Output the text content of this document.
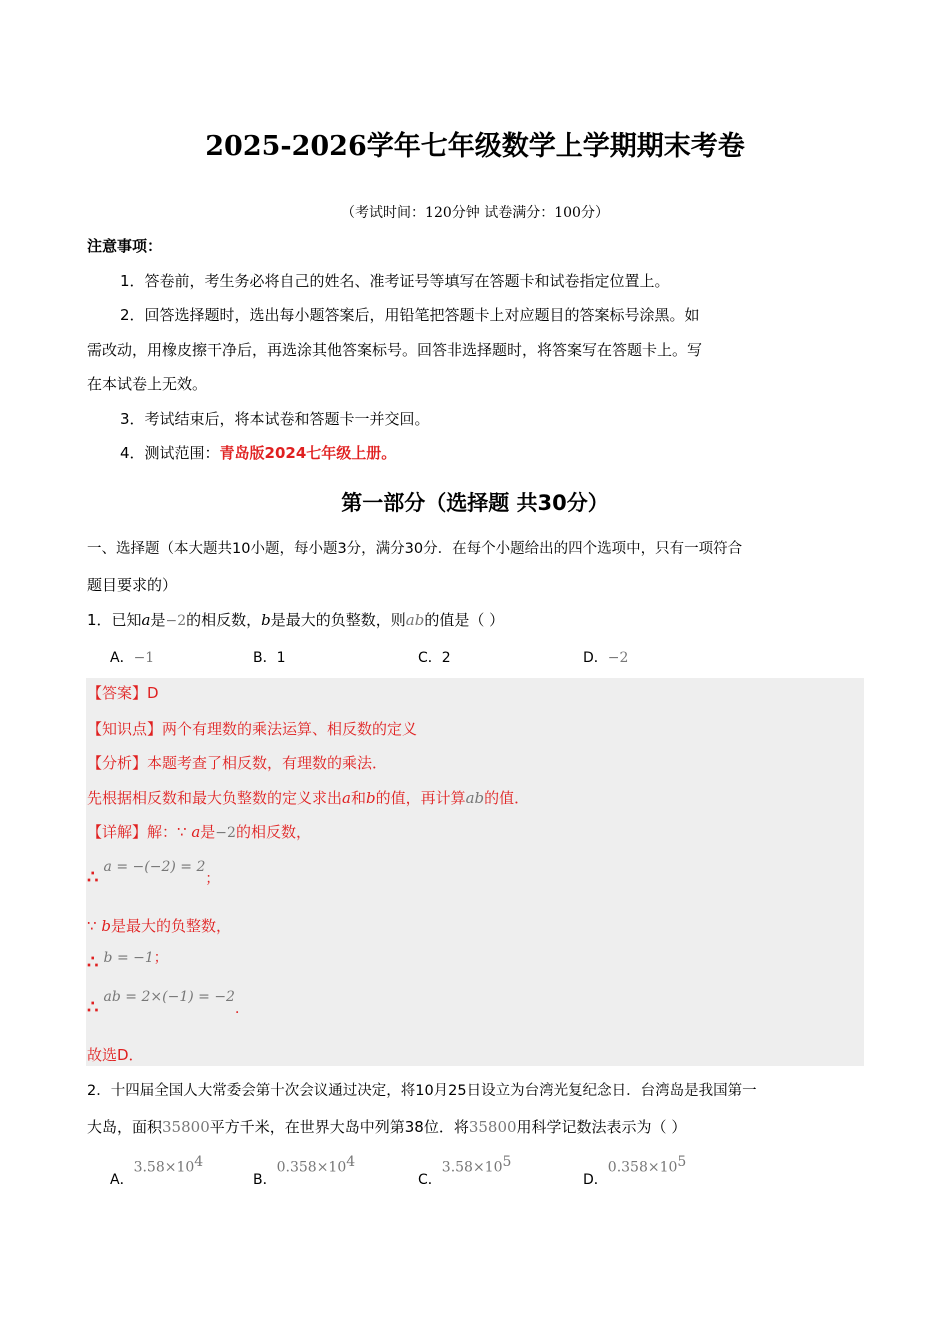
2025-2026学年七年级数学上学期期末考卷
（考试时间：120分钟 试卷满分：100分）
注意事项：
1．答卷前，考生务必将自己的姓名、准考证号等填写在答题卡和试卷指定位置上。
2．回答选择题时，选出每小题答案后，用铅笔把答题卡上对应题目的答案标号涂黑。如
需改动，用橡皮擦干净后，再选涂其他答案标号。回答非选择题时，将答案写在答题卡上。写
在本试卷上无效。
3．考试结束后，将本试卷和答题卡一并交回。
4．测试范围：青岛版2024七年级上册。
第一部分（选择题 共30分）
一、选择题（本大题共10小题，每小题3分，满分30分．在每个小题给出的四个选项中，只有一项符合
题目要求的）
1．已知a是−2的相反数，b是最大的负整数，则ab的值是（ ）
A．−1	B．1	C．2	D．−2
【答案】D
【知识点】两个有理数的乘法运算、相反数的定义
【分析】本题考查了相反数，有理数的乘法．
先根据相反数和最大负整数的定义求出a和b的值，再计算ab的值．
【详解】解：∵ a是−2的相反数，
∴ a = −(−2) = 2；
∵ b是最大的负整数，
∴ b = −1；
∴ ab = 2×(−1) = −2．
故选D．
2．十四届全国人大常委会第十次会议通过决定，将10月25日设立为台湾光复纪念日．台湾岛是我国第一
大岛，面积35800平方千米，在世界大岛中列第38位．将35800用科学记数法表示为（ ）
A．$3.58\times 10^4$
B．$0.358\times 10^4$
C．$3.58\times 10^5$
D．$0.358\times 10^5$
